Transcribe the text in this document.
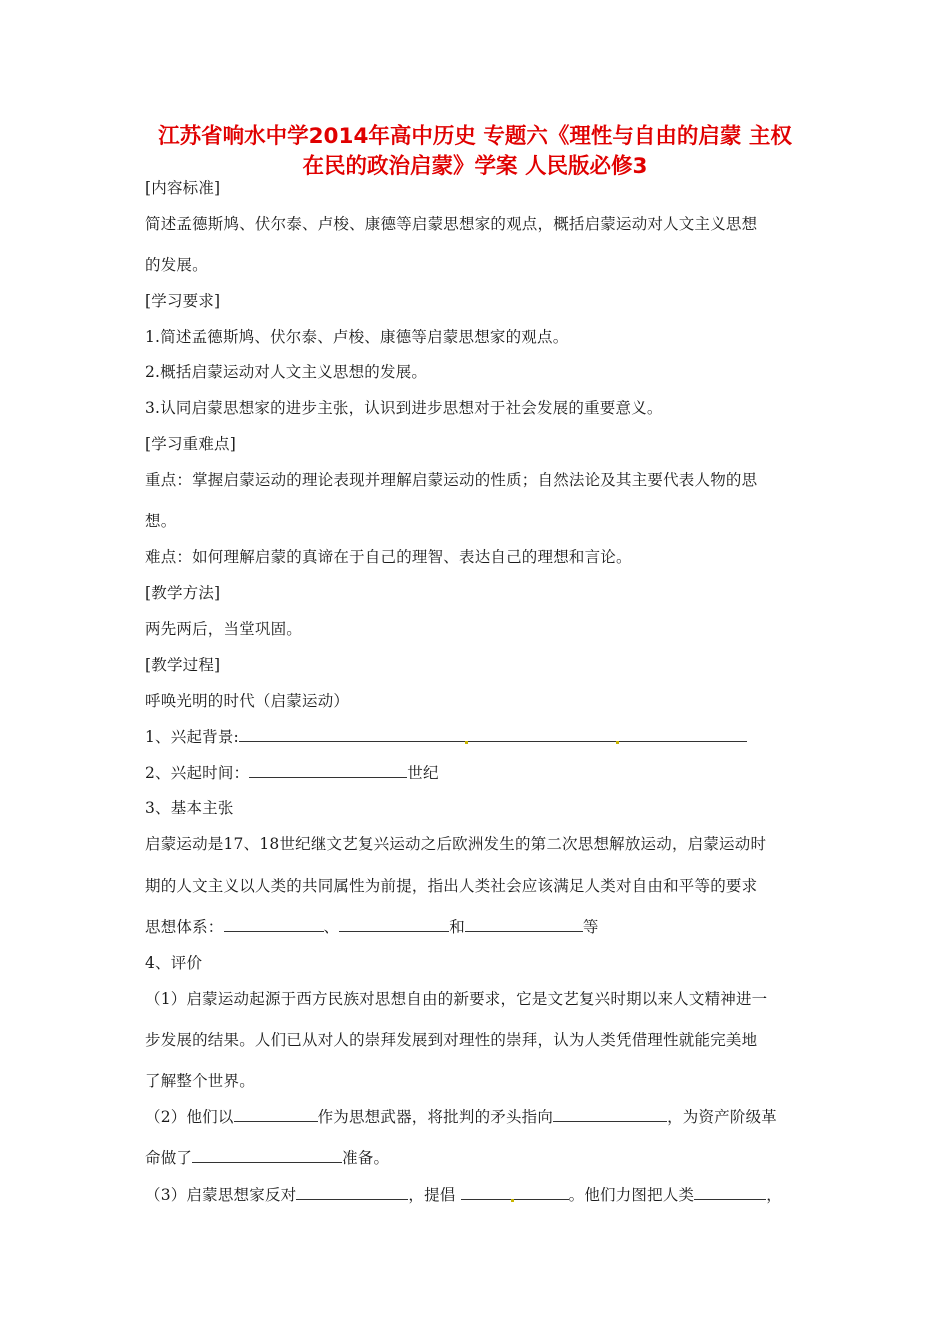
江苏省响水中学2014年高中历史 专题六《理性与自由的启蒙 主权
在民的政治启蒙》学案 人民版必修3
[内容标准]
简述孟德斯鸠、伏尔泰、卢梭、康德等启蒙思想家的观点，概括启蒙运动对人文主义思想
的发展。
[学习要求]
1.简述孟德斯鸠、伏尔泰、卢梭、康德等启蒙思想家的观点。
2.概括启蒙运动对人文主义思想的发展。
3.认同启蒙思想家的进步主张，认识到进步思想对于社会发展的重要意义。
[学习重难点]
重点：掌握启蒙运动的理论表现并理解启蒙运动的性质；自然法论及其主要代表人物的思
想。
难点：如何理解启蒙的真谛在于自己的理智、表达自己的理想和言论。
[教学方法]
两先两后，当堂巩固。
[教学过程]
呼唤光明的时代（启蒙运动）
1、兴起背景:
2、兴起时间：	世纪
3、基本主张
启蒙运动是17、18世纪继文艺复兴运动之后欧洲发生的第二次思想解放运动，启蒙运动时
期的人文主义以人类的共同属性为前提，指出人类社会应该满足人类对自由和平等的要求
思想体系：	、	和	等
4、评价
（1）启蒙运动起源于西方民族对思想自由的新要求，它是文艺复兴时期以来人文精神进一
步发展的结果。人们已从对人的崇拜发展到对理性的崇拜，认为人类凭借理性就能完美地
了解整个世界。
（2）他们以	作为思想武器，将批判的矛头指向	，为资产阶级革
命做了	准备。
（3）启蒙思想家反对	，提倡	。他们力图把人类	，
